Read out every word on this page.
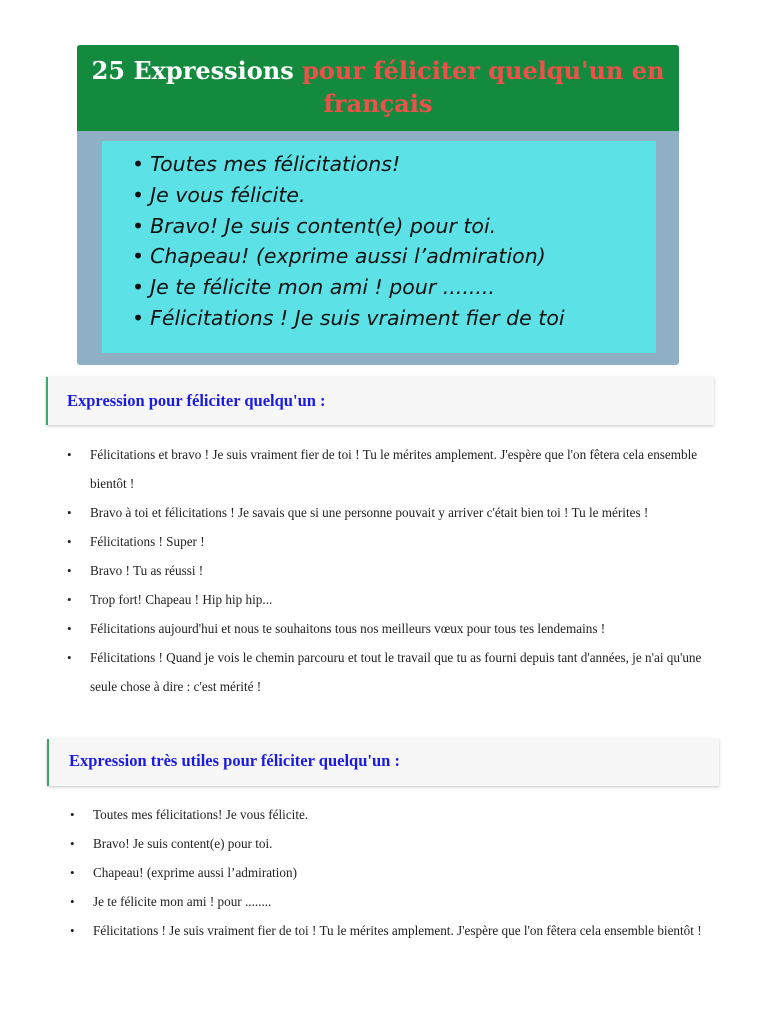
25 Expressions pour féliciter quelqu'un en français
• Toutes mes félicitations!
• Je vous félicite.
• Bravo! Je suis content(e) pour toi.
• Chapeau! (exprime aussi l’admiration)
• Je te félicite mon ami ! pour ........
• Félicitations ! Je suis vraiment fier de toi
Expression pour féliciter quelqu'un :
• Félicitations et bravo ! Je suis vraiment fier de toi ! Tu le mérites amplement. J'espère que l'on fêtera cela ensemble bientôt !
• Bravo à toi et félicitations ! Je savais que si une personne pouvait y arriver c'était bien toi ! Tu le mérites !
• Félicitations ! Super !
• Bravo ! Tu as réussi !
• Trop fort! Chapeau ! Hip hip hip...
• Félicitations aujourd'hui et nous te souhaitons tous nos meilleurs vœux pour tous tes lendemains !
• Félicitations ! Quand je vois le chemin parcouru et tout le travail que tu as fourni depuis tant d'années, je n'ai qu'une seule chose à dire : c'est mérité !
Expression très utiles pour féliciter quelqu'un :
• Toutes mes félicitations! Je vous félicite.
• Bravo! Je suis content(e) pour toi.
• Chapeau! (exprime aussi l’admiration)
• Je te félicite mon ami ! pour ........
• Félicitations ! Je suis vraiment fier de toi ! Tu le mérites amplement. J'espère que l'on fêtera cela ensemble bientôt !
